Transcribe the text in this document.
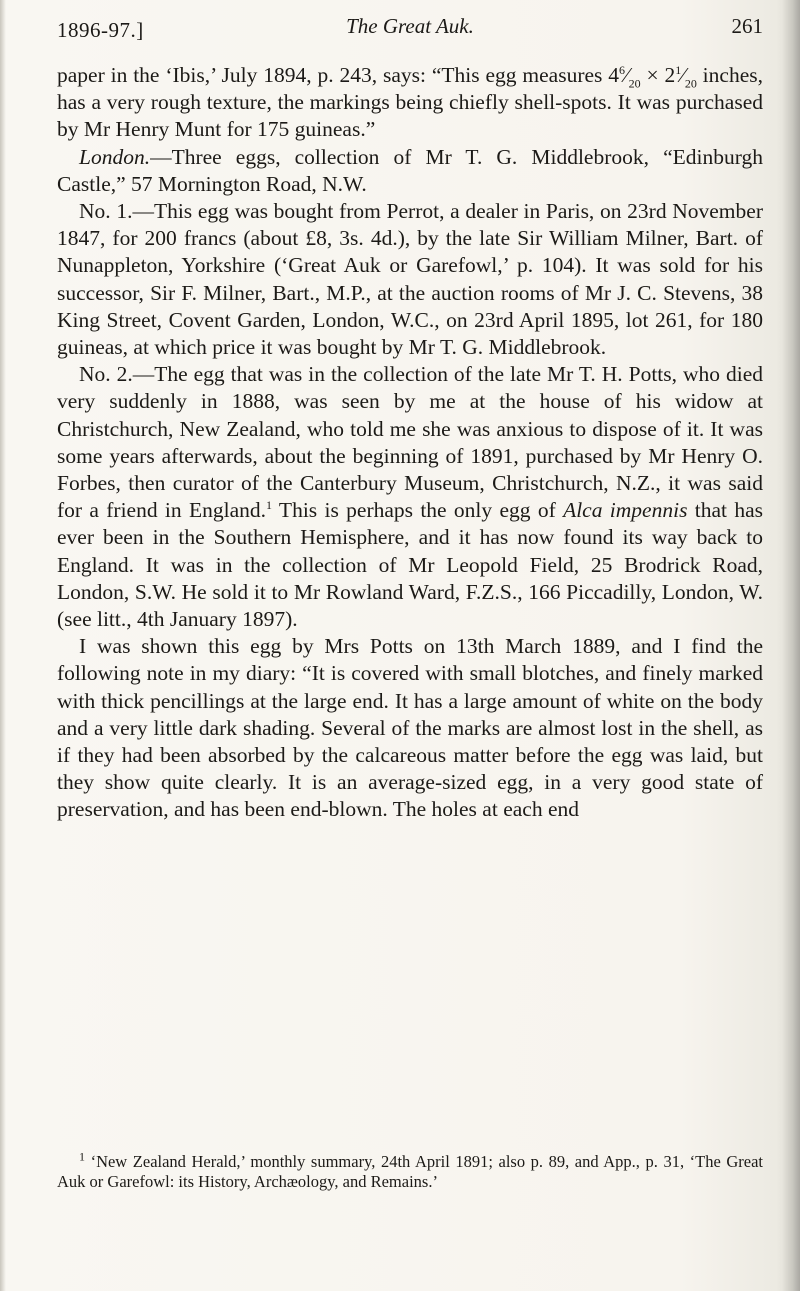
1896-97.]	The Great Auk.	261

paper in the ‘Ibis,’ July 1894, p. 243, says: “This egg measures $4^6⁄_{20}$ × $2^1⁄_{20}$ inches, has a very rough texture, the markings being chiefly shell-spots. It was purchased by Mr Henry Munt for 175 guineas.”

London.—Three eggs, collection of Mr T. G. Middlebrook, “Edinburgh Castle,” 57 Mornington Road, N.W.

No. 1.—This egg was bought from Perrot, a dealer in Paris, on 23rd November 1847, for 200 francs (about £8, 3s. 4d.), by the late Sir William Milner, Bart. of Nunappleton, Yorkshire (‘Great Auk or Garefowl,’ p. 104). It was sold for his successor, Sir F. Milner, Bart., M.P., at the auction rooms of Mr J. C. Stevens, 38 King Street, Covent Garden, London, W.C., on 23rd April 1895, lot 261, for 180 guineas, at which price it was bought by Mr T. G. Middlebrook.

No. 2.—The egg that was in the collection of the late Mr T. H. Potts, who died very suddenly in 1888, was seen by me at the house of his widow at Christchurch, New Zealand, who told me she was anxious to dispose of it. It was some years afterwards, about the beginning of 1891, purchased by Mr Henry O. Forbes, then curator of the Canterbury Museum, Christchurch, N.Z., it was said for a friend in England.$^1$ This is perhaps the only egg of Alca impennis that has ever been in the Southern Hemisphere, and it has now found its way back to England. It was in the collection of Mr Leopold Field, 25 Brodrick Road, London, S.W. He sold it to Mr Rowland Ward, F.Z.S., 166 Piccadilly, London, W. (see litt., 4th January 1897).

I was shown this egg by Mrs Potts on 13th March 1889, and I find the following note in my diary: “It is covered with small blotches, and finely marked with thick pencillings at the large end. It has a large amount of white on the body and a very little dark shading. Several of the marks are almost lost in the shell, as if they had been absorbed by the calcareous matter before the egg was laid, but they show quite clearly. It is an average-sized egg, in a very good state of preservation, and has been end-blown. The holes at each end

$^1$ ‘New Zealand Herald,’ monthly summary, 24th April 1891; also p. 89, and App., p. 31, ‘The Great Auk or Garefowl: its History, Archæology, and Remains.’
